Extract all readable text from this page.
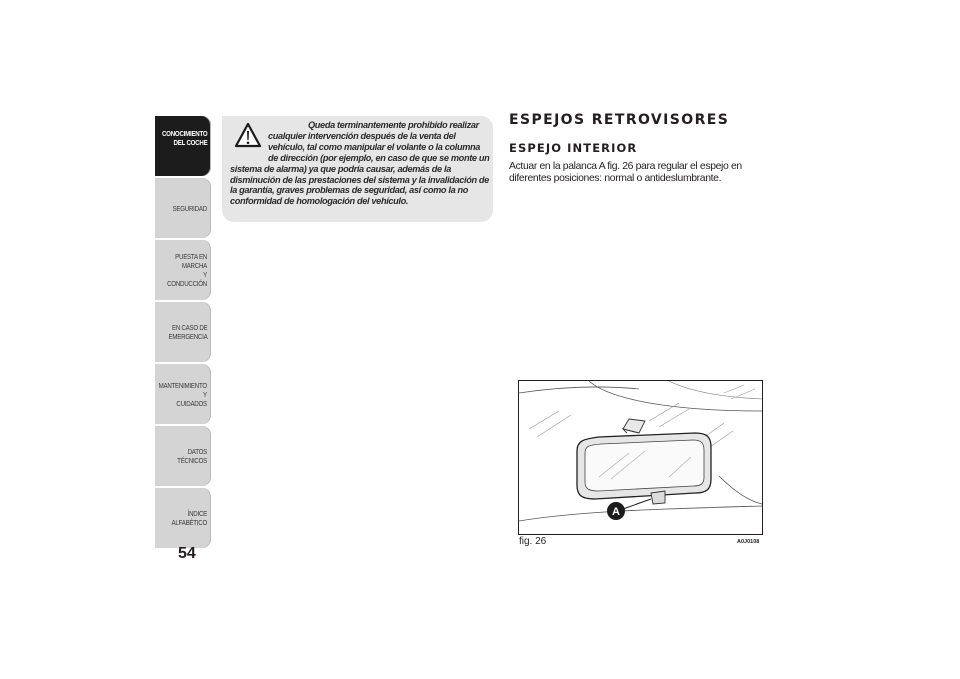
CONOCIMIENTO
DEL COCHE
SEGURIDAD
PUESTA EN MARCHA
Y CONDUCCIÓN
EN CASO DE
EMERGENCIA
MANTENIMIENTO Y
CUIDADOS
DATOS TÉCNICOS
ÍNDICE ALFABÉTICO
54
Queda terminantemente prohibido realizar cualquier intervención después de la venta del vehículo, tal como manipular el volante o la columna de dirección (por ejemplo, en caso de que se monte un sistema de alarma) ya que podría causar, además de la disminución de las prestaciones del sistema y la invalidación de la garantía, graves problemas de seguridad, así como la no conformidad de homologación del vehículo.
ESPEJOS RETROVISORES
ESPEJO INTERIOR
Actuar en la palanca A fig. 26 para regular el espejo en diferentes posiciones: normal o antideslumbrante.
A
fig. 26	A0J0108
